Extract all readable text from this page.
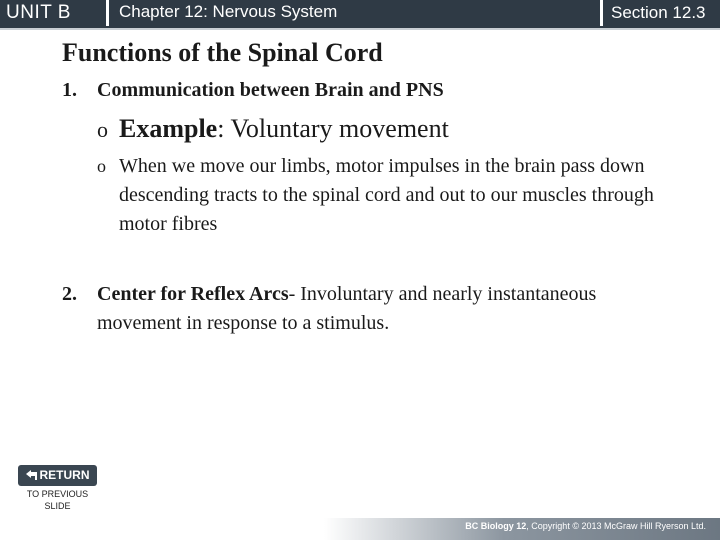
UNIT B	Chapter 12: Nervous System	Section 12.3
Functions of the Spinal Cord
1. Communication between Brain and PNS
o Example: Voluntary movement
o When we move our limbs, motor impulses in the brain pass down descending tracts to the spinal cord and out to our muscles through motor fibres
2. Center for Reflex Arcs- Involuntary and nearly instantaneous movement in response to a stimulus.
RETURN
TO PREVIOUS
SLIDE
BC Biology 12, Copyright © 2013 McGraw Hill Ryerson Ltd.
